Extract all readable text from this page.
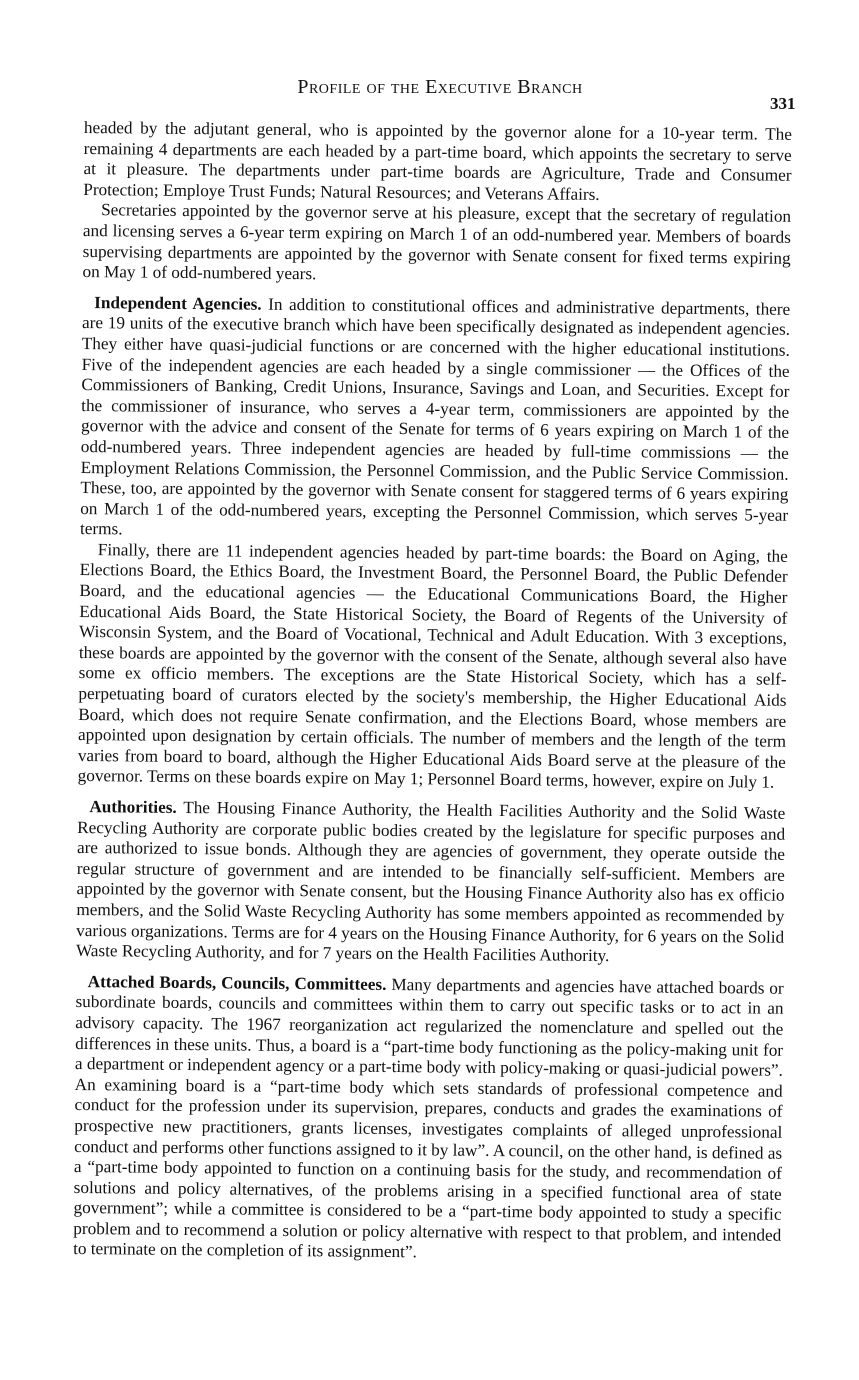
Profile of the Executive Branch
331

headed by the adjutant general, who is appointed by the governor alone for a 10-year term. The remaining 4 departments are each headed by a part-time board, which appoints the secretary to serve at it pleasure. The departments under part-time boards are Agriculture, Trade and Consumer Protection; Employe Trust Funds; Natural Resources; and Veterans Affairs.

Secretaries appointed by the governor serve at his pleasure, except that the secretary of regulation and licensing serves a 6-year term expiring on March 1 of an odd-numbered year. Members of boards supervising departments are appointed by the governor with Senate consent for fixed terms expiring on May 1 of odd-numbered years.

Independent Agencies. In addition to constitutional offices and administrative departments, there are 19 units of the executive branch which have been specifically designated as independent agencies. They either have quasi-judicial functions or are concerned with the higher educational institutions. Five of the independent agencies are each headed by a single commissioner — the Offices of the Commissioners of Banking, Credit Unions, Insurance, Savings and Loan, and Securities. Except for the commissioner of insurance, who serves a 4-year term, commissioners are appointed by the governor with the advice and consent of the Senate for terms of 6 years expiring on March 1 of the odd-numbered years. Three independent agencies are headed by full-time commissions — the Employment Relations Commission, the Personnel Commission, and the Public Service Commission. These, too, are appointed by the governor with Senate consent for staggered terms of 6 years expiring on March 1 of the odd-numbered years, excepting the Personnel Commission, which serves 5-year terms.

Finally, there are 11 independent agencies headed by part-time boards: the Board on Aging, the Elections Board, the Ethics Board, the Investment Board, the Personnel Board, the Public Defender Board, and the educational agencies — the Educational Communications Board, the Higher Educational Aids Board, the State Historical Society, the Board of Regents of the University of Wisconsin System, and the Board of Vocational, Technical and Adult Education. With 3 exceptions, these boards are appointed by the governor with the consent of the Senate, although several also have some ex officio members. The exceptions are the State Historical Society, which has a self-perpetuating board of curators elected by the society's membership, the Higher Educational Aids Board, which does not require Senate confirmation, and the Elections Board, whose members are appointed upon designation by certain officials. The number of members and the length of the term varies from board to board, although the Higher Educational Aids Board serve at the pleasure of the governor. Terms on these boards expire on May 1; Personnel Board terms, however, expire on July 1.

Authorities. The Housing Finance Authority, the Health Facilities Authority and the Solid Waste Recycling Authority are corporate public bodies created by the legislature for specific purposes and are authorized to issue bonds. Although they are agencies of government, they operate outside the regular structure of government and are intended to be financially self-sufficient. Members are appointed by the governor with Senate consent, but the Housing Finance Authority also has ex officio members, and the Solid Waste Recycling Authority has some members appointed as recommended by various organizations. Terms are for 4 years on the Housing Finance Authority, for 6 years on the Solid Waste Recycling Authority, and for 7 years on the Health Facilities Authority.

Attached Boards, Councils, Committees. Many departments and agencies have attached boards or subordinate boards, councils and committees within them to carry out specific tasks or to act in an advisory capacity. The 1967 reorganization act regularized the nomenclature and spelled out the differences in these units. Thus, a board is a “part-time body functioning as the policy-making unit for a department or independent agency or a part-time body with policy-making or quasi-judicial powers”. An examining board is a “part-time body which sets standards of professional competence and conduct for the profession under its supervision, prepares, conducts and grades the examinations of prospective new practitioners, grants licenses, investigates complaints of alleged unprofessional conduct and performs other functions assigned to it by law”. A council, on the other hand, is defined as a “part-time body appointed to function on a continuing basis for the study, and recommendation of solutions and policy alternatives, of the problems arising in a specified functional area of state government”; while a committee is considered to be a “part-time body appointed to study a specific problem and to recommend a solution or policy alternative with respect to that problem, and intended to terminate on the completion of its assignment”.
